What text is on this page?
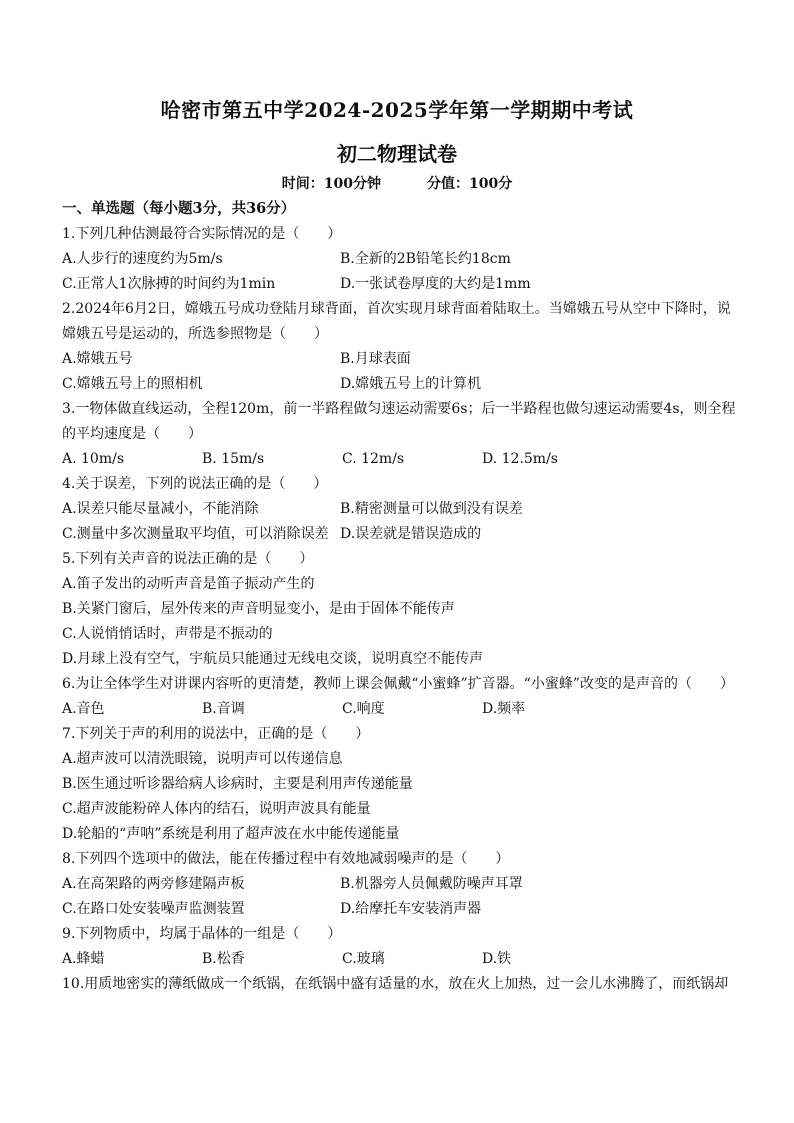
哈密市第五中学2024-2025学年第一学期期中考试
初二物理试卷
时间：100分钟	分值：100分
一、单选题（每小题3分，共36分）
1.下列几种估测最符合实际情况的是（　　）
A.人步行的速度约为5m/s	B.全新的2B铅笔长约18cm
C.正常人1次脉搏的时间约为1min	D.一张试卷厚度的大约是1mm
2.2024年6月2日，嫦娥五号成功登陆月球背面，首次实现月球背面着陆取土。当嫦娥五号从空中下降时，说嫦娥五号是运动的，所选参照物是（　　）
A.嫦娥五号	B.月球表面
C.嫦娥五号上的照相机	D.嫦娥五号上的计算机
3.一物体做直线运动，全程120m，前一半路程做匀速运动需要6s；后一半路程也做匀速运动需要4s，则全程的平均速度是（　　）
A. 10m/s	B. 15m/s	C. 12m/s	D. 12.5m/s
4.关于误差，下列的说法正确的是（　　）
A.误差只能尽量减小，不能消除	B.精密测量可以做到没有误差
C.测量中多次测量取平均值，可以消除误差 D.误差就是错误造成的
5.下列有关声音的说法正确的是（　　）
A.笛子发出的动听声音是笛子振动产生的
B.关紧门窗后，屋外传来的声音明显变小，是由于固体不能传声
C.人说悄悄话时，声带是不振动的
D.月球上没有空气，宇航员只能通过无线电交谈，说明真空不能传声
6.为让全体学生对讲课内容听的更清楚，教师上课会佩戴“小蜜蜂”扩音器。“小蜜蜂”改变的是声音的（　　）
A.音色	B.音调	C.响度	D.频率
7.下列关于声的利用的说法中，正确的是（　　）
A.超声波可以清洗眼镜，说明声可以传递信息
B.医生通过听诊器给病人诊病时，主要是利用声传递能量
C.超声波能粉碎人体内的结石，说明声波具有能量
D.轮船的“声呐”系统是利用了超声波在水中能传递能量
8.下列四个选项中的做法，能在传播过程中有效地减弱噪声的是（　　）
A.在高架路的两旁修建隔声板	B.机器旁人员佩戴防噪声耳罩
C.在路口处安装噪声监测装置	D.给摩托车安装消声器
9.下列物质中，均属于晶体的一组是（　　）
A.蜂蜡	B.松香	C.玻璃	D.铁
10.用质地密实的薄纸做成一个纸锅，在纸锅中盛有适量的水，放在火上加热，过一会儿水沸腾了，而纸锅却
